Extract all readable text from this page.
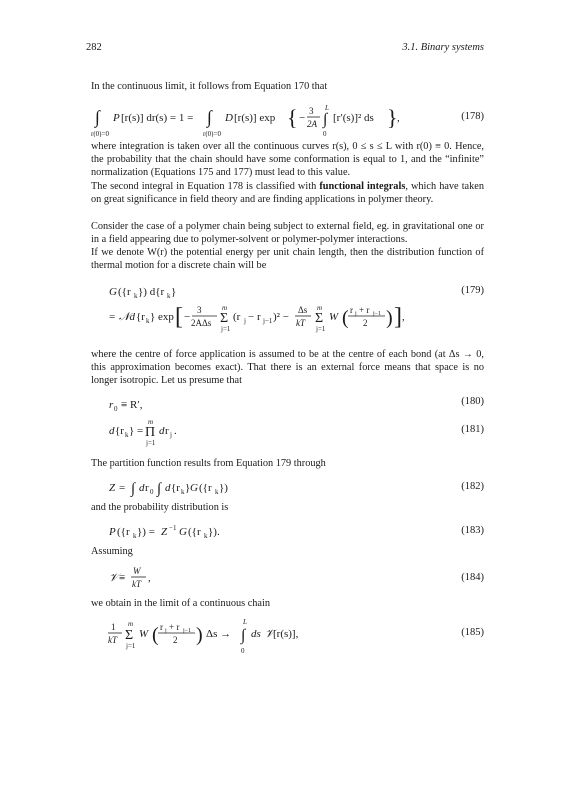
282	3.1. Binary systems
In the continuous limit, it follows from Equation 170 that
∫
r(0)=0
P [r(s)] dr(s) = 1 = ∫
r(0)=0
D [r(s)] exp { −
3
2A
L
∫
0
[r′(s)]² ds } ,	(178)
where integration is taken over all the continuous curves r(s), 0 ≤ s ≤ L with r(0) ≡ 0. Hence, the probability that the chain should have some conformation is equal to 1, and the “infinite” normalization (Equations 175 and 177) must lead to this value.
The second integral in Equation 178 is classified with functional integrals, which have taken on great significance in field theory and are finding applications in polymer theory.
Consider the case of a polymer chain being subject to external field, eg. in gravitational one or in a field appearing due to polymer-solvent or polymer-polymer interactions.
If we denote W(r) the potential energy per unit chain length, then the distribution function of thermal motion for a discrete chain will be
G ({r k }) d{r k }
= 𝒩d {r k } exp [ −
3
2AΔs
m
Σ
j=1
(r j − r j−1 )² −
Δs
kT
m
Σ
j=1
W ( r j + r j−1
2 ) ] ,
(179)
where the centre of force application is assumed to be at the centre of each bond (at Δs → 0, this approximation becomes exact). That there is an external force means that space is no longer isotropic. Let us presume that
r 0 ≡ R′,	(180)
d {r k } =
m
Π
j=1
d r j .	(181)
The partition function results from Equation 179 through
Z = ∫ d r 0 ∫ d {r k } G ({r k })	(182)
and the probability distribution is
P ({r k }) = Z −1 G ({r k }).	(183)
Assuming
𝒱 ≡
W
kT ,	(184)
we obtain in the limit of a continuous chain
1
kT
m
Σ
j=1
W ( r j + r j−1
2 ) Δs →
L
∫
0
ds 𝒱
[r(s)],	(185)
